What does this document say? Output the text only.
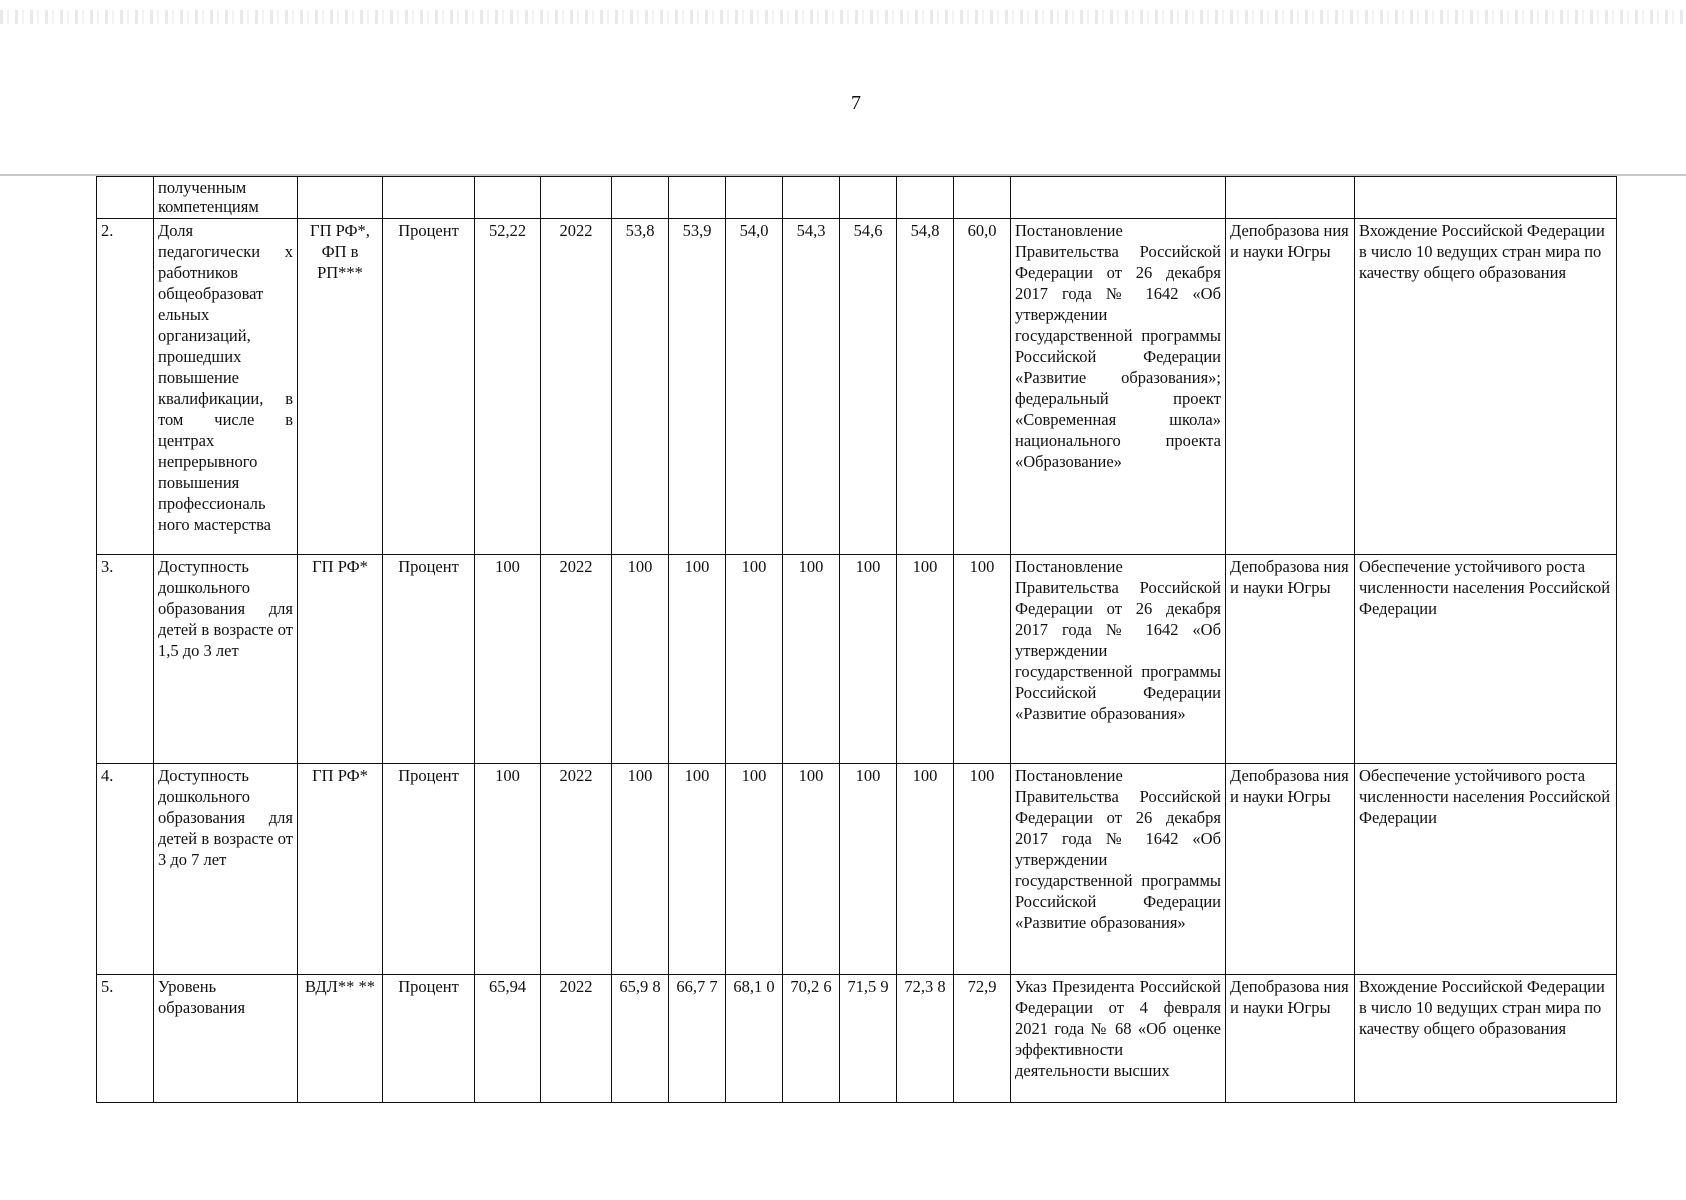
7
	полученным компетенциям														
2.	Доля педагогически х работников общеобразоват ельных организаций, прошедших повышение квалификации, в том числе в центрах непрерывного повышения профессиональ ного мастерства	ГП РФ*, ФП в РП***	Процент	52,22	2022	53,8	53,9	54,0	54,3	54,6	54,8	60,0	Постановление Правительства Российской Федерации от 26 декабря 2017 года № 1642 «Об утверждении государственной программы Российской Федерации «Развитие образования»; федеральный проект «Современная школа» национального проекта «Образование»	Депобразова ния и науки Югры	Вхождение Российской Федерации в число 10 ведущих стран мира по качеству общего образования
3.	Доступность дошкольного образования для детей в возрасте от 1,5 до 3 лет	ГП РФ*	Процент	100	2022	100	100	100	100	100	100	100	Постановление Правительства Российской Федерации от 26 декабря 2017 года № 1642 «Об утверждении государственной программы Российской Федерации «Развитие образования»	Депобразова ния и науки Югры	Обеспечение устойчивого роста численности населения Российской Федерации
4.	Доступность дошкольного образования для детей в возрасте от 3 до 7 лет	ГП РФ*	Процент	100	2022	100	100	100	100	100	100	100	Постановление Правительства Российской Федерации от 26 декабря 2017 года № 1642 «Об утверждении государственной программы Российской Федерации «Развитие образования»	Депобразова ния и науки Югры	Обеспечение устойчивого роста численности населения Российской Федерации
5.	Уровень образования	ВДЛ** **	Процент	65,94	2022	65,9 8	66,7 7	68,1 0	70,2 6	71,5 9	72,3 8	72,9	Указ Президента Российской Федерации от 4 февраля 2021 года № 68 «Об оценке эффективности деятельности высших	Депобразова ния и науки Югры	Вхождение Российской Федерации в число 10 ведущих стран мира по качеству общего образования
